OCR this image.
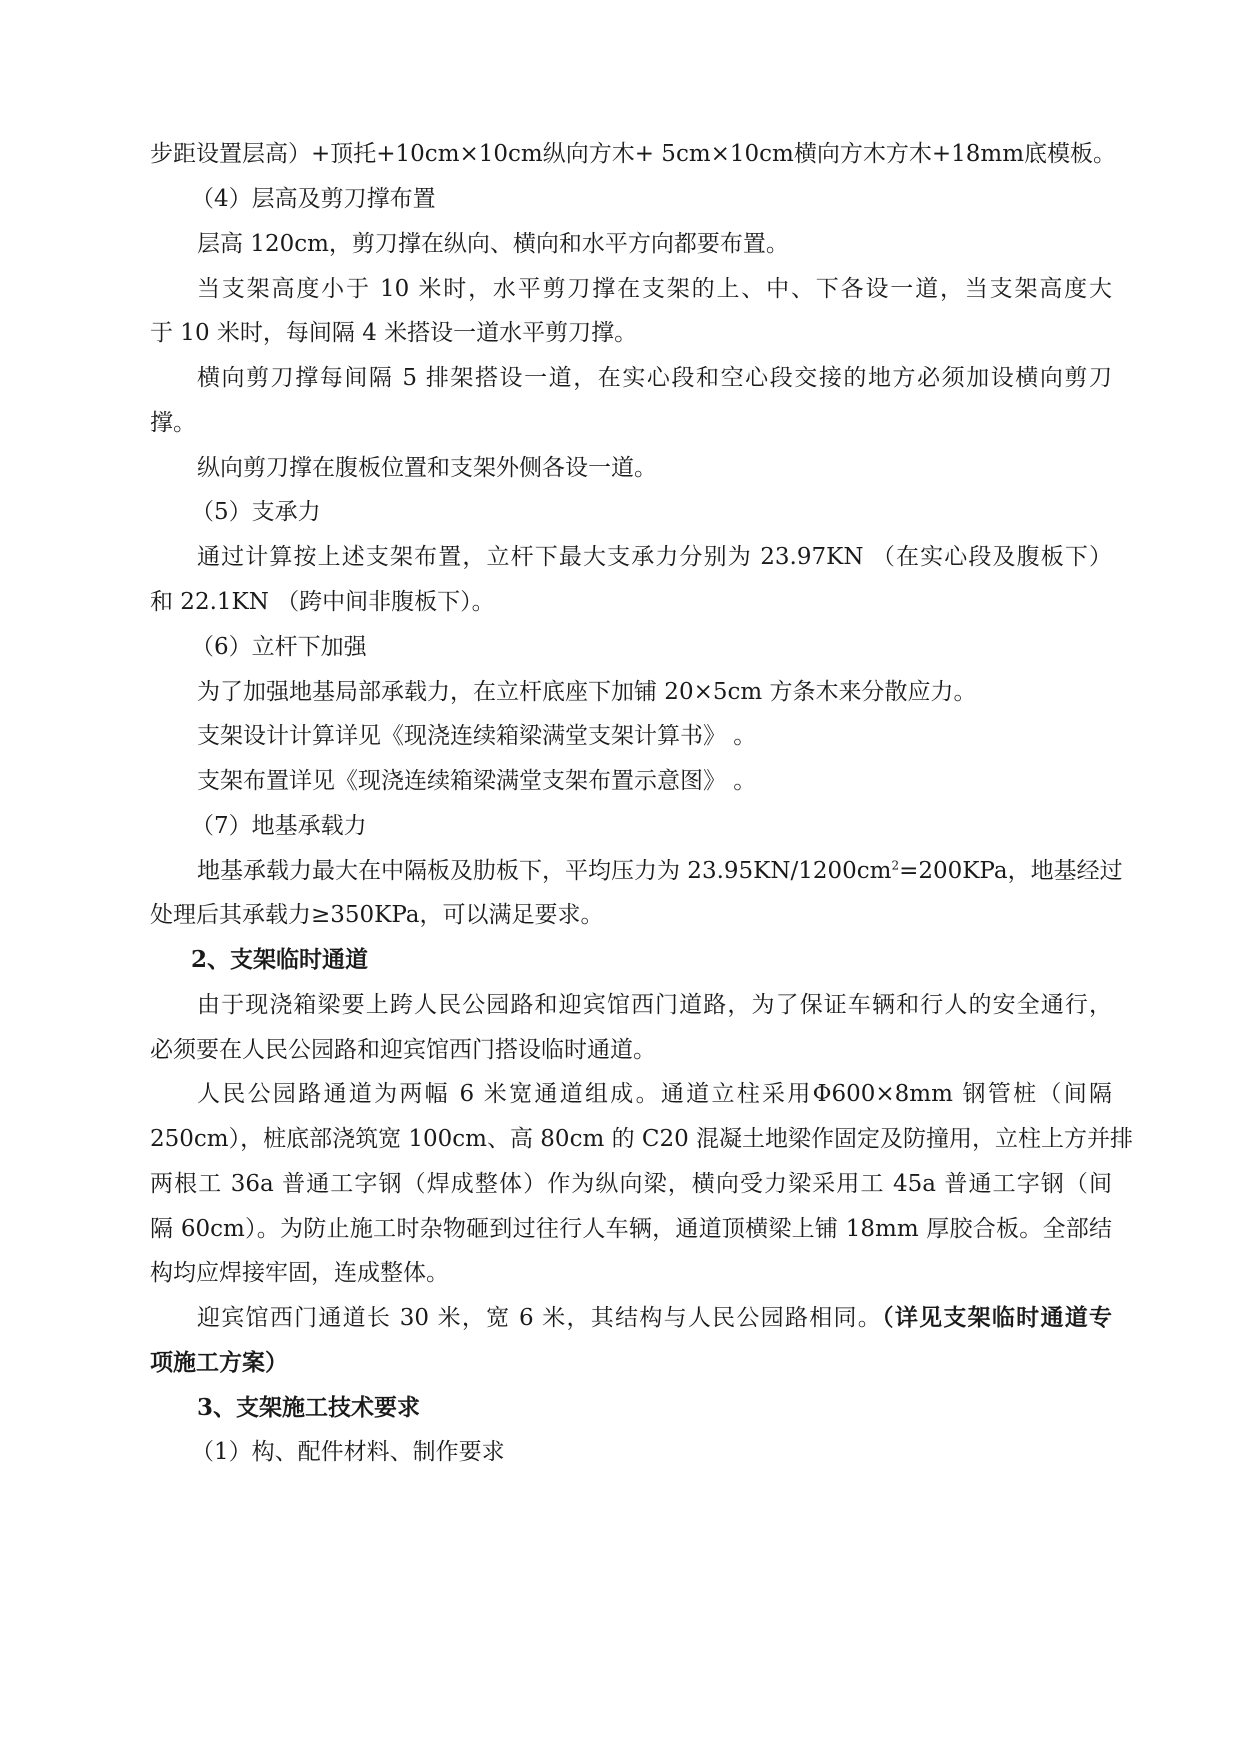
步距设置层高）+顶托+10cm×10cm纵向方木+ 5cm×10cm横向方木方木+18mm底模板。
（4）层高及剪刀撑布置
层高 120cm，剪刀撑在纵向、横向和水平方向都要布置。
当支架高度小于 10 米时，水平剪刀撑在支架的上、中、下各设一道，当支架高度大
于 10 米时，每间隔 4 米搭设一道水平剪刀撑。
横向剪刀撑每间隔 5 排架搭设一道，在实心段和空心段交接的地方必须加设横向剪刀
撑。
纵向剪刀撑在腹板位置和支架外侧各设一道。
（5）支承力
通过计算按上述支架布置，立杆下最大支承力分别为 23.97KN （在实心段及腹板下）
和 22.1KN （跨中间非腹板下）。
（6）立杆下加强
为了加强地基局部承载力，在立杆底座下加铺 20×5cm 方条木来分散应力。
支架设计计算详见《现浇连续箱梁满堂支架计算书》 。
支架布置详见《现浇连续箱梁满堂支架布置示意图》 。
（7）地基承载力
地基承载力最大在中隔板及肋板下，平均压力为 $23.95KN/1200cm^2=200KPa$，地基经过
处理后其承载力≥350KPa，可以满足要求。
2、支架临时通道
由于现浇箱梁要上跨人民公园路和迎宾馆西门道路，为了保证车辆和行人的安全通行，
必须要在人民公园路和迎宾馆西门搭设临时通道。
人民公园路通道为两幅 6 米宽通道组成。通道立柱采用Φ600×8mm 钢管桩（间隔
250cm），桩底部浇筑宽 100cm、高 80cm 的 C20 混凝土地梁作固定及防撞用，立柱上方并排
两根工 36a 普通工字钢（焊成整体）作为纵向梁，横向受力梁采用工 45a 普通工字钢（间
隔 60cm）。为防止施工时杂物砸到过往行人车辆，通道顶横梁上铺 18mm 厚胶合板。全部结
构均应焊接牢固，连成整体。
迎宾馆西门通道长 30 米，宽 6 米，其结构与人民公园路相同。（详见支架临时通道专
项施工方案）
3、支架施工技术要求
（1）构、配件材料、制作要求
